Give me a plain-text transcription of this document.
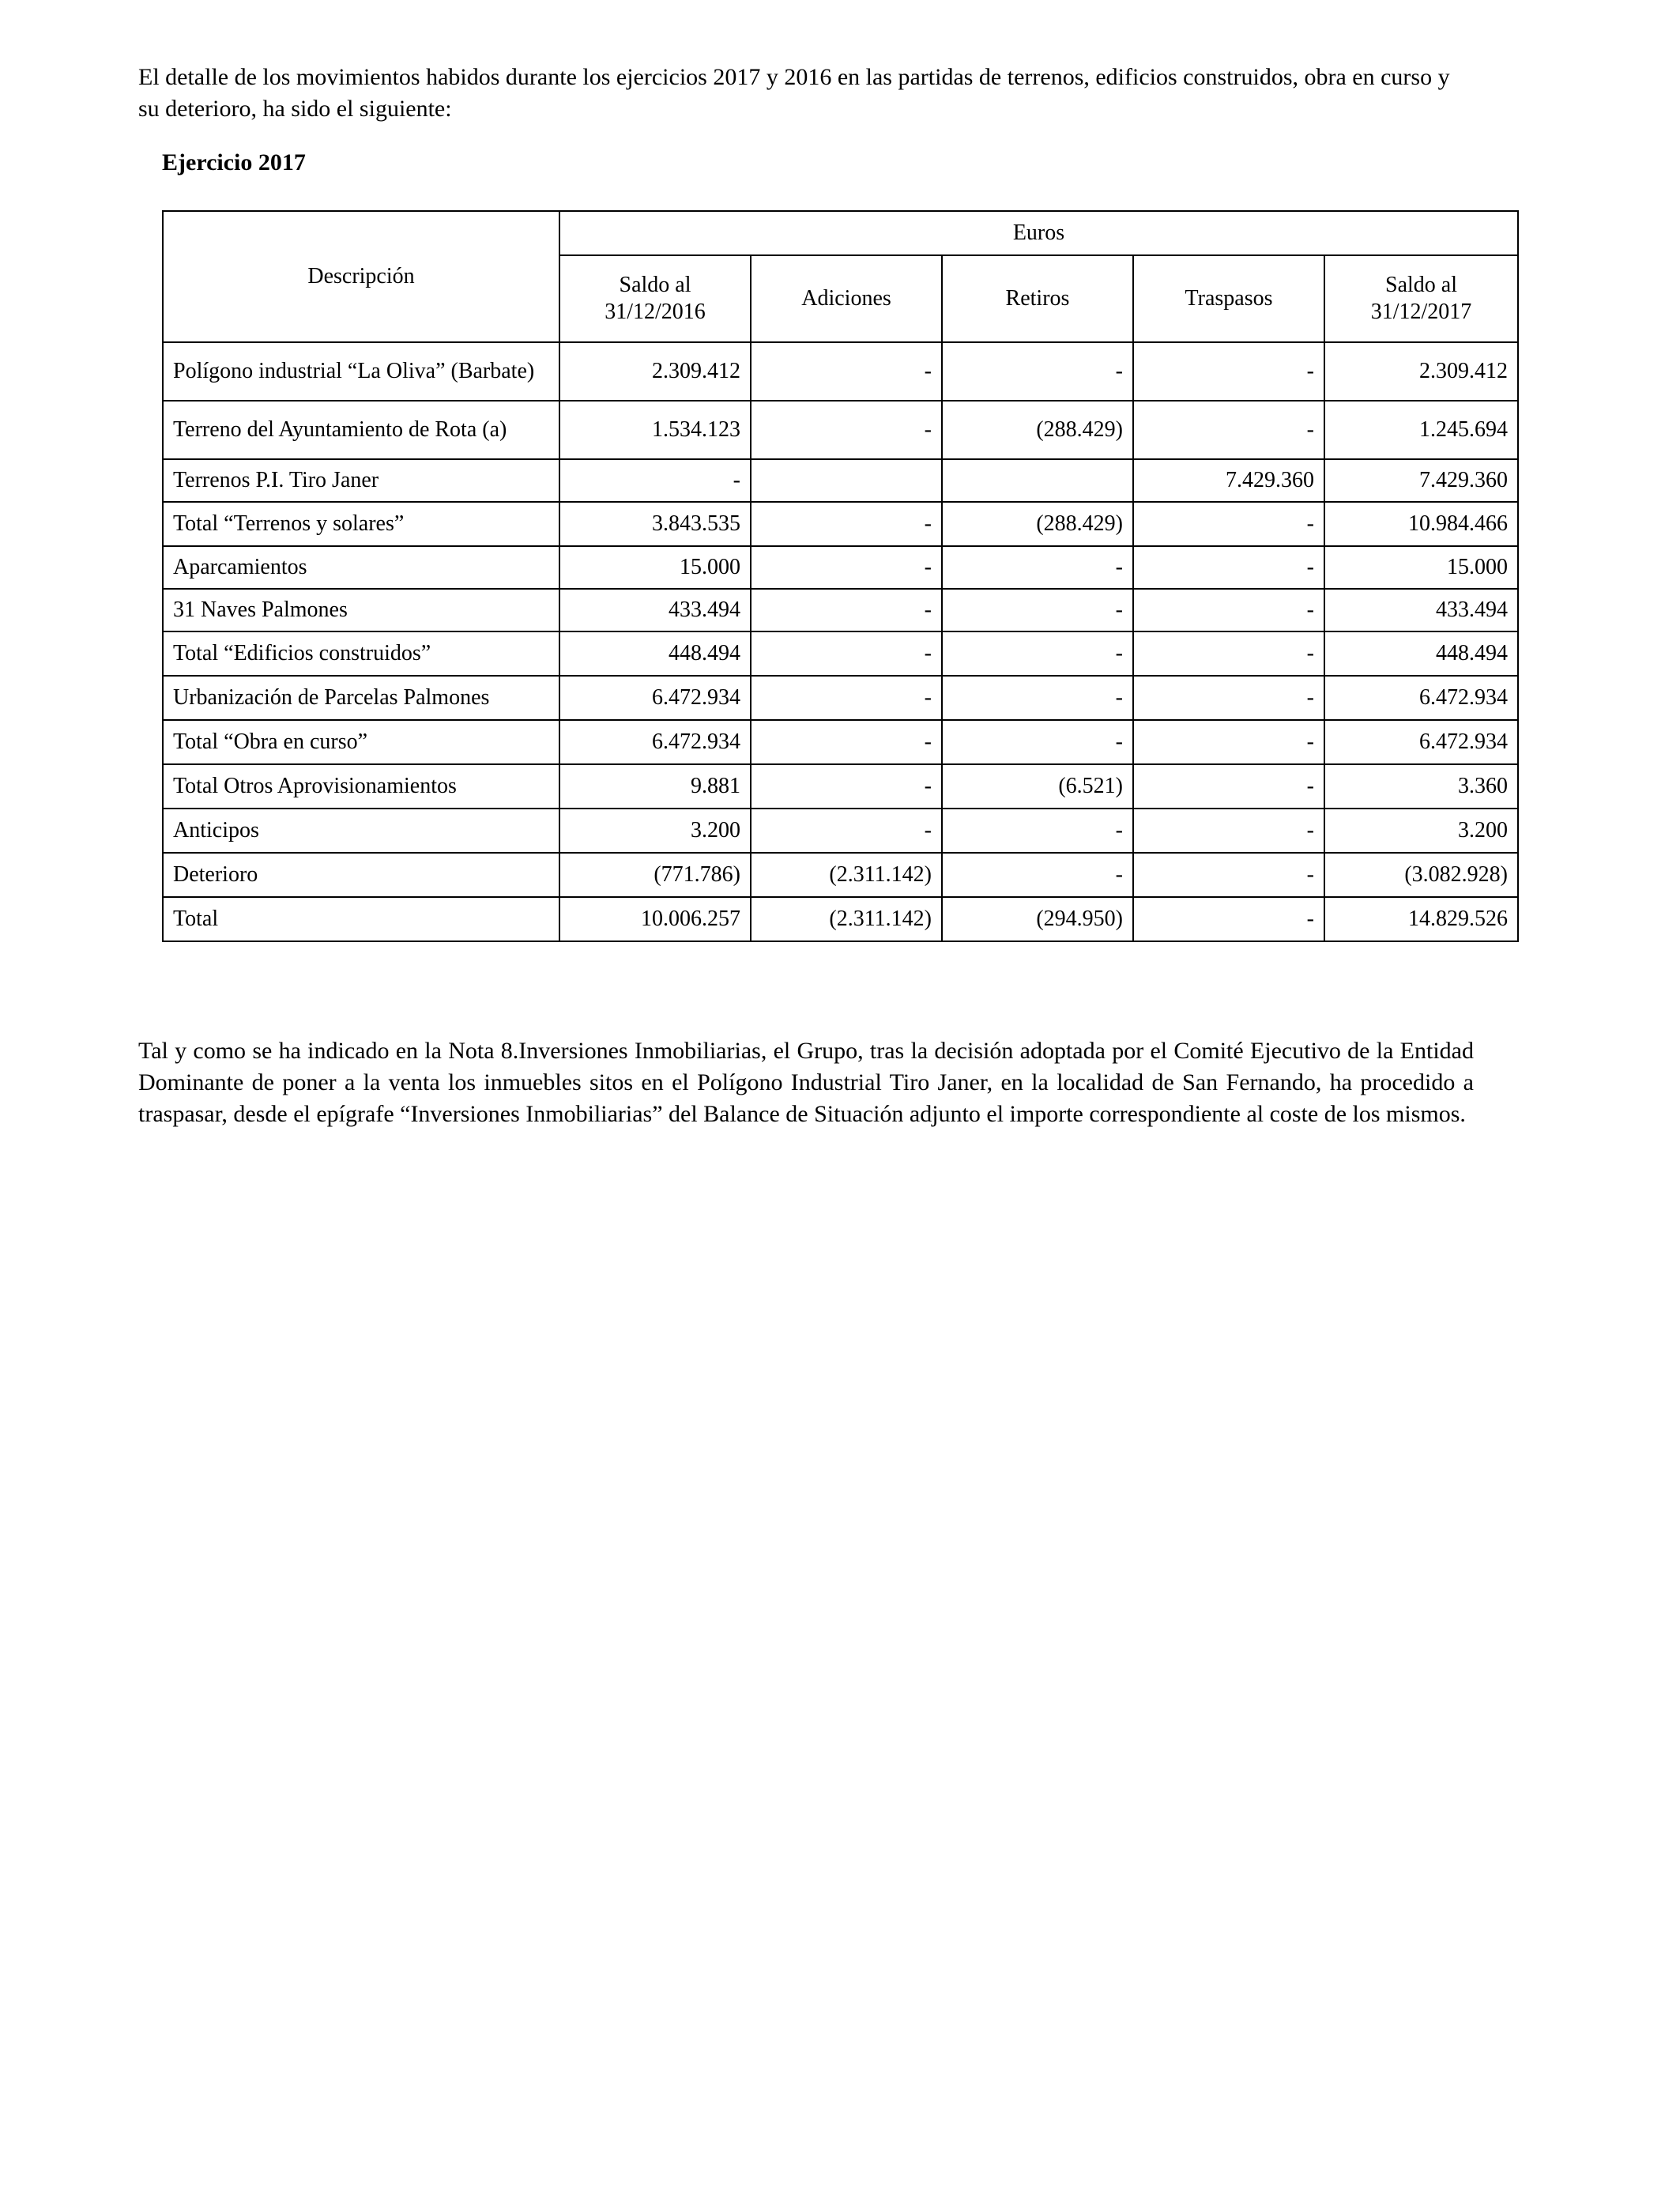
El detalle de los movimientos habidos durante los ejercicios 2017 y 2016 en las partidas de terrenos, edificios construidos, obra en curso y su deterioro, ha sido el siguiente:

Ejercicio 2017
Descripción	Euros				
	Saldo al 31/12/2016	Adiciones	Retiros	Traspasos	Saldo al 31/12/2017
Polígono industrial “La Oliva” (Barbate)	2.309.412	-	-	-	2.309.412
Terreno del Ayuntamiento de Rota (a)	1.534.123	-	(288.429)	-	1.245.694
Terrenos P.I. Tiro Janer	-			7.429.360	7.429.360
Total “Terrenos y solares”	3.843.535	-	(288.429)	-	10.984.466
Aparcamientos	15.000	-	-	-	15.000
31 Naves Palmones	433.494	-	-	-	433.494
Total “Edificios construidos”	448.494	-	-	-	448.494
Urbanización de Parcelas Palmones	6.472.934	-	-	-	6.472.934
Total “Obra en curso”	6.472.934	-	-	-	6.472.934
Total Otros Aprovisionamientos	9.881	-	(6.521)	-	3.360
Anticipos	3.200	-	-	-	3.200
Deterioro	(771.786)	(2.311.142)	-	-	(3.082.928)
Total	10.006.257	(2.311.142)	(294.950)	-	14.829.526

Tal y como se ha indicado en la Nota 8.Inversiones Inmobiliarias, el Grupo, tras la decisión adoptada por el Comité Ejecutivo de la Entidad Dominante de poner a la venta los inmuebles sitos en el Polígono Industrial Tiro Janer, en la localidad de San Fernando, ha procedido a traspasar, desde el epígrafe “Inversiones Inmobiliarias” del Balance de Situación adjunto el importe correspondiente al coste de los mismos.
